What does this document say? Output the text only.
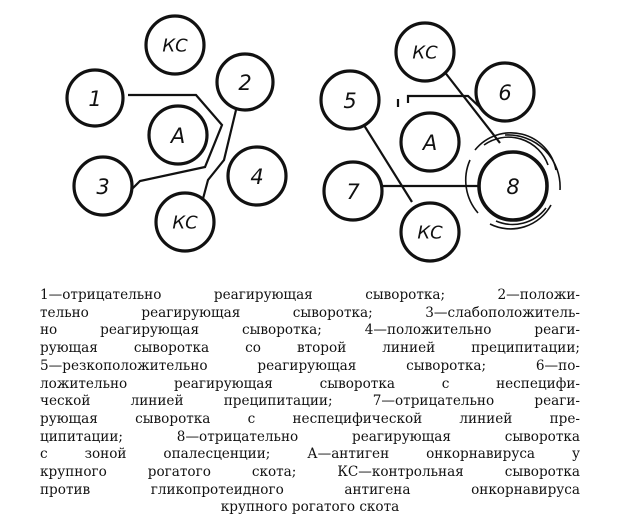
КС
1
2
А
3	4
КС
КС
5	6
А
7	8
КС
1—отрицательно реагирующая сыворотка; 2—положи-
тельно реагирующая сыворотка; 3—слабоположитель-
но реагирующая сыворотка; 4—положительно реаги-
рующая сыворотка со второй линией преципитации;
5—резкоположительно реагирующая сыворотка; 6—по-
ложительно реагирующая сыворотка с неспецифи-
ческой линией преципитации; 7—отрицательно реаги-
рующая сыворотка с неспецифической линией пре-
ципитации; 8—отрицательно реагирующая сыворотка
с зоной опалесценции; А—антиген онкорнавируса у
крупного рогатого скота; КС—контрольная сыворотка
против гликопротеидного антигена онкорнавируса
крупного рогатого скота
